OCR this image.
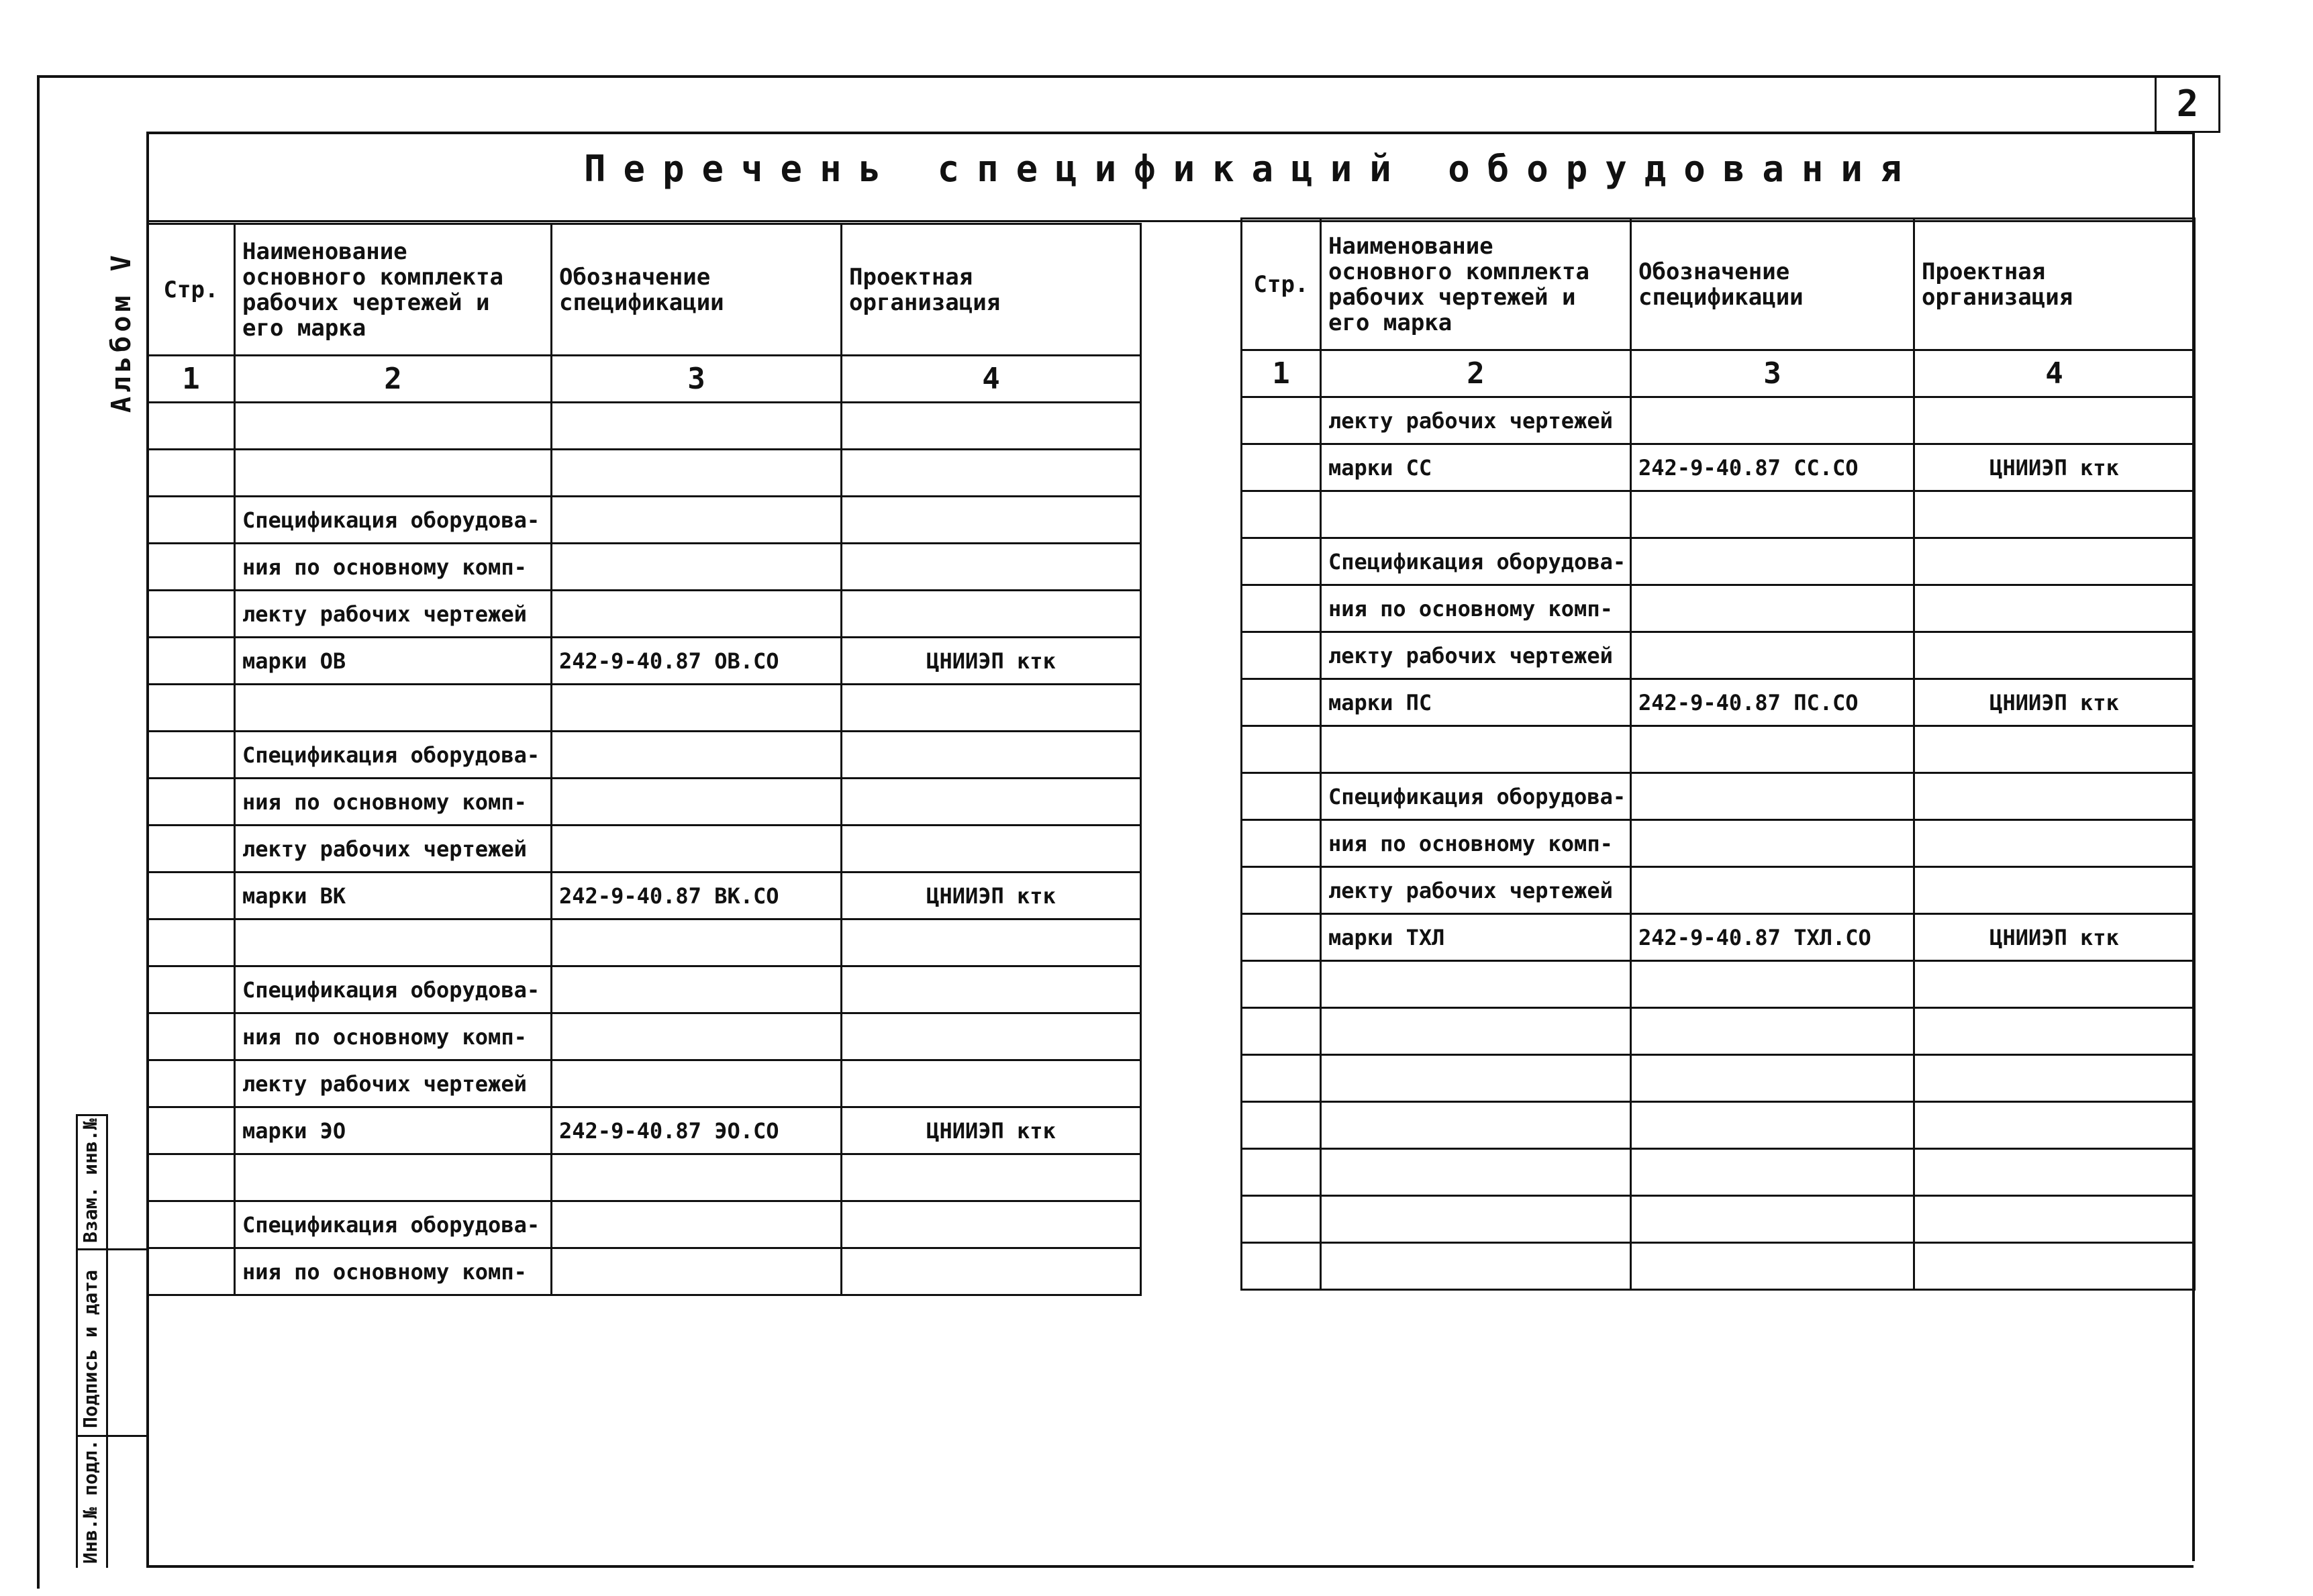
2
Альбом V
Инв.№ подл.
Подпись и дата
Взам. инв.№
Перечень спецификаций оборудования
Стр.	Наименование основного комплекта рабочих чертежей и его марка	Обозначение спецификации	Проектная организация
1	2	3	4

	Спецификация оборудова-		
	ния по основному комп-		
	лекту рабочих чертежей		
	марки ОВ	242-9-40.87 ОВ.СО	ЦНИИЭП ктк

	Спецификация оборудова-		
	ния по основному комп-		
	лекту рабочих чертежей		
	марки ВК	242-9-40.87 ВК.СО	ЦНИИЭП ктк

	Спецификация оборудова-		
	ния по основному комп-		
	лекту рабочих чертежей		
	марки ЭО	242-9-40.87 ЭО.СО	ЦНИИЭП ктк

	Спецификация оборудова-		
	ния по основному комп-		
Стр.	Наименование основного комплекта рабочих чертежей и его марка	Обозначение спецификации	Проектная организация
1	2	3	4
	лекту рабочих чертежей		
	марки СС	242-9-40.87 СС.СО	ЦНИИЭП ктк

	Спецификация оборудова-		
	ния по основному комп-		
	лекту рабочих чертежей		
	марки ПС	242-9-40.87 ПС.СО	ЦНИИЭП ктк

	Спецификация оборудова-		
	ния по основному комп-		
	лекту рабочих чертежей		
	марки ТХЛ	242-9-40.87 ТХЛ.СО	ЦНИИЭП ктк
